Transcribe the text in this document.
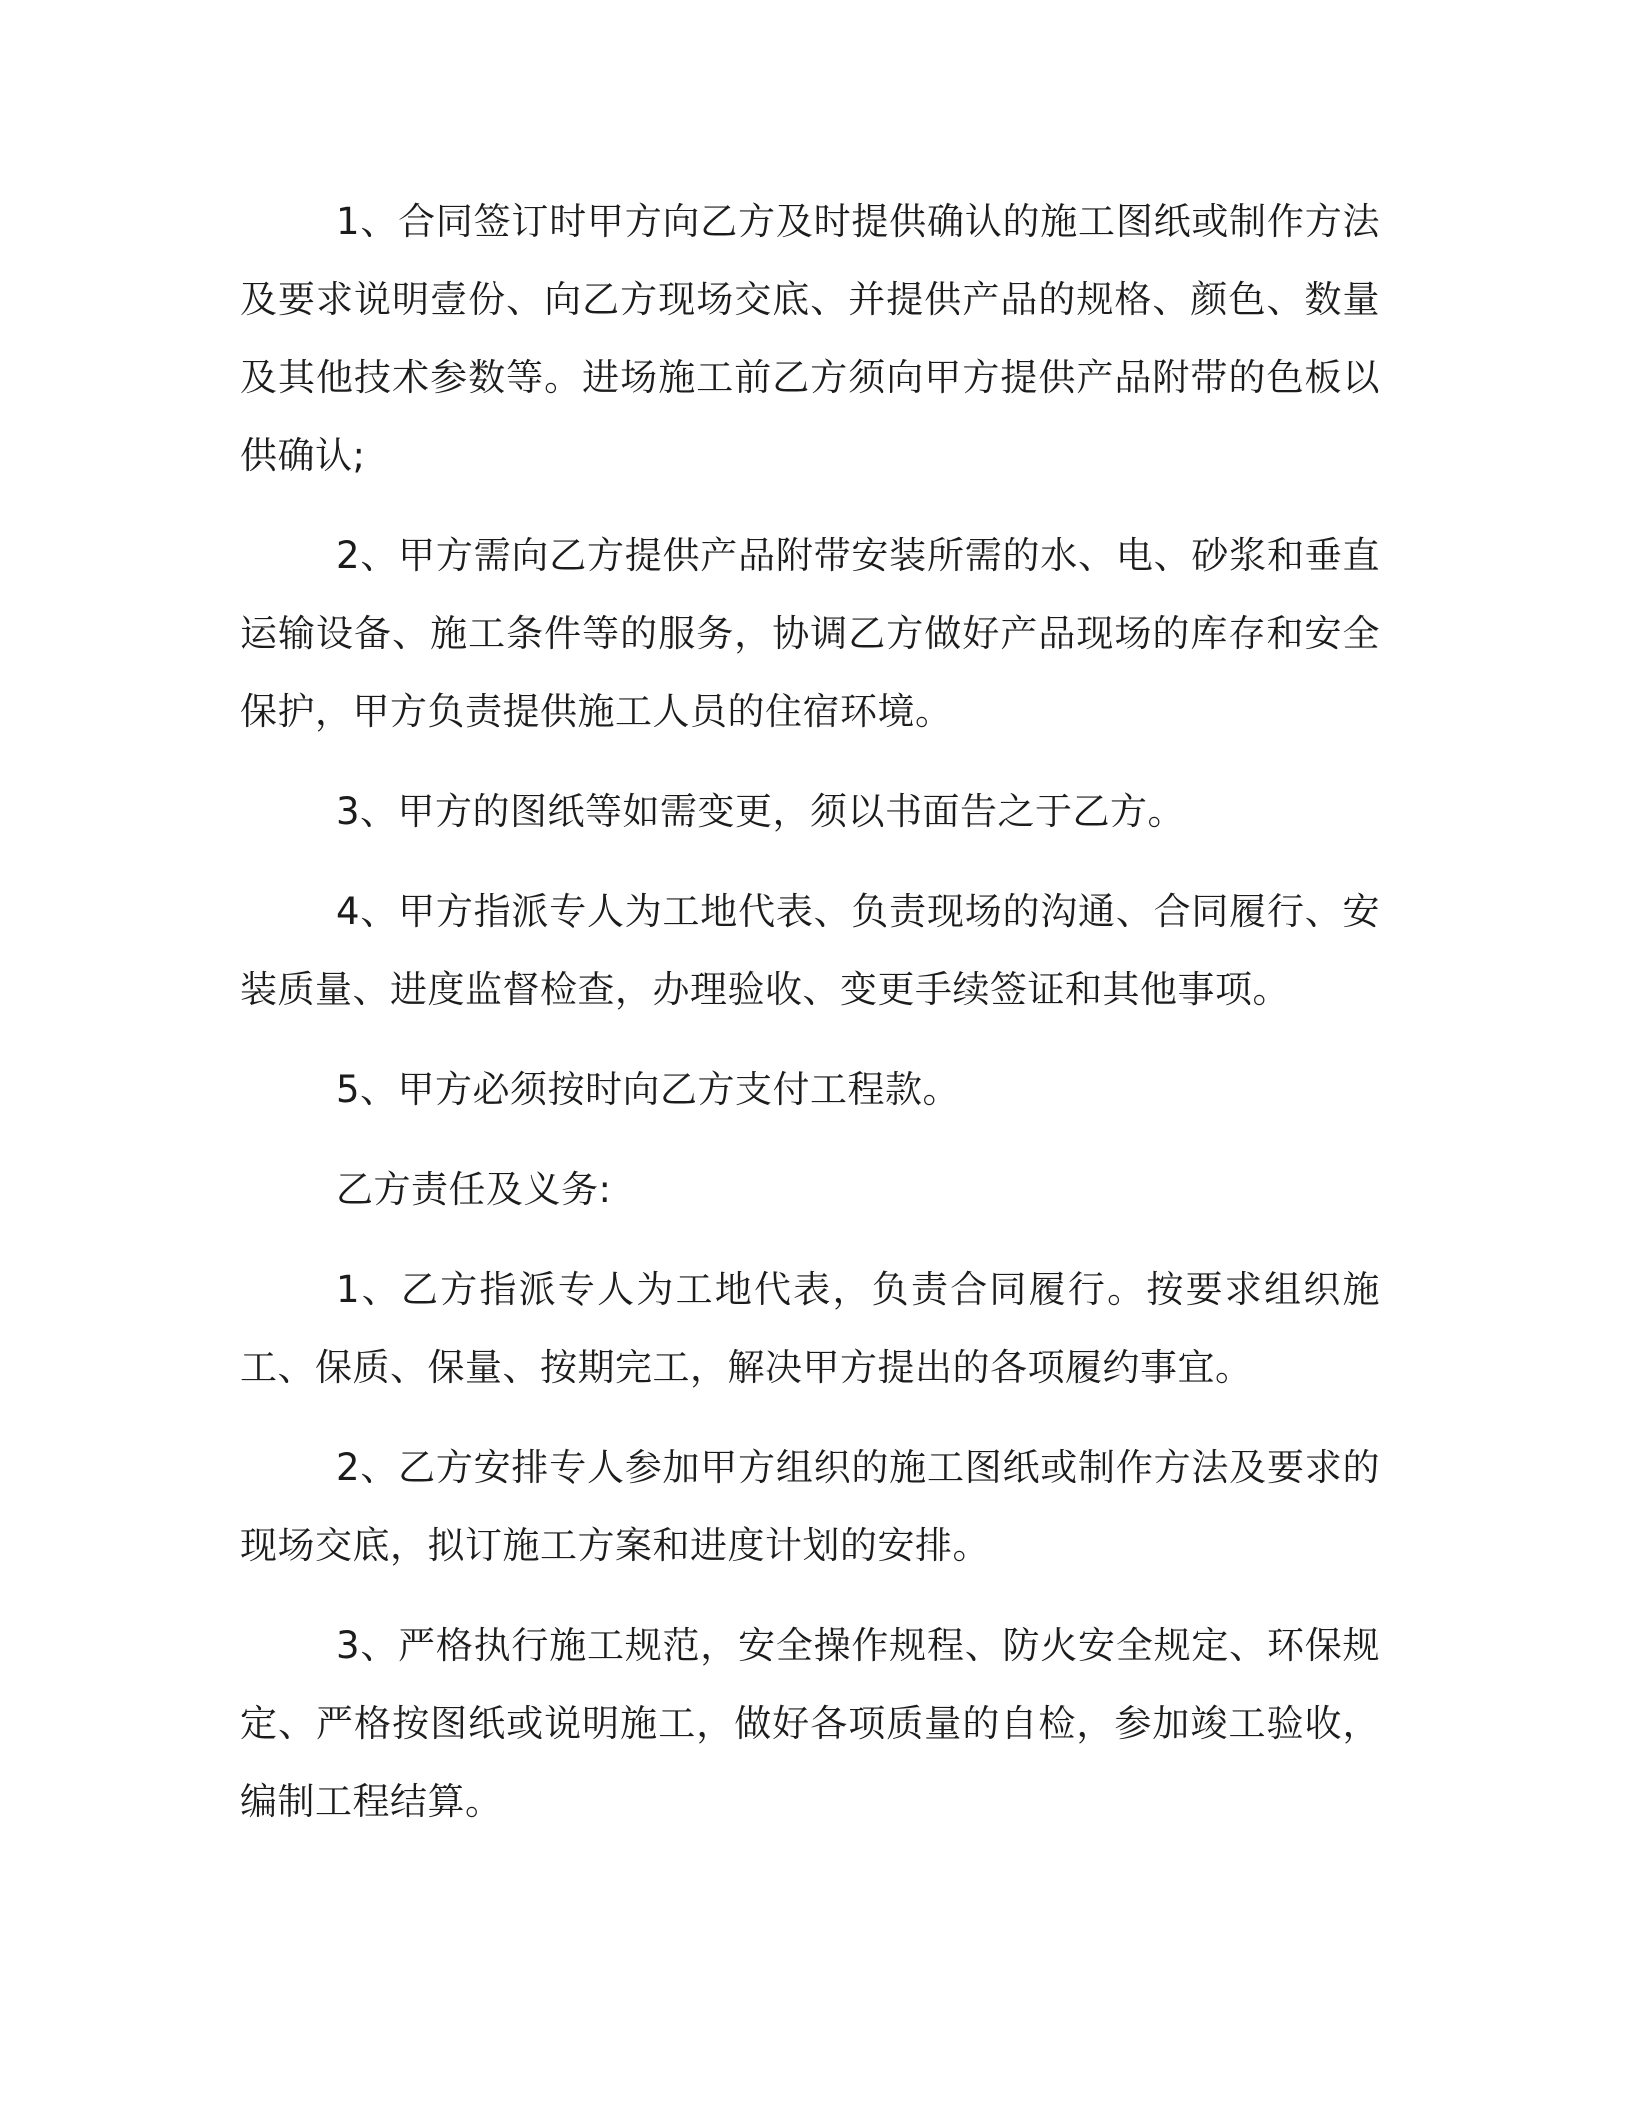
1、合同签订时甲方向乙方及时提供确认的施工图纸或制作方法及要求说明壹份、向乙方现场交底、并提供产品的规格、颜色、数量及其他技术参数等。进场施工前乙方须向甲方提供产品附带的色板以供确认;

2、甲方需向乙方提供产品附带安装所需的水、电、砂浆和垂直运输设备、施工条件等的服务，协调乙方做好产品现场的库存和安全保护，甲方负责提供施工人员的住宿环境。

3、甲方的图纸等如需变更，须以书面告之于乙方。

4、甲方指派专人为工地代表、负责现场的沟通、合同履行、安装质量、进度监督检查，办理验收、变更手续签证和其他事项。

5、甲方必须按时向乙方支付工程款。

乙方责任及义务:

1、乙方指派专人为工地代表，负责合同履行。按要求组织施工、保质、保量、按期完工，解决甲方提出的各项履约事宜。

2、乙方安排专人参加甲方组织的施工图纸或制作方法及要求的现场交底，拟订施工方案和进度计划的安排。

3、严格执行施工规范，安全操作规程、防火安全规定、环保规定、严格按图纸或说明施工，做好各项质量的自检，参加竣工验收，编制工程结算。
